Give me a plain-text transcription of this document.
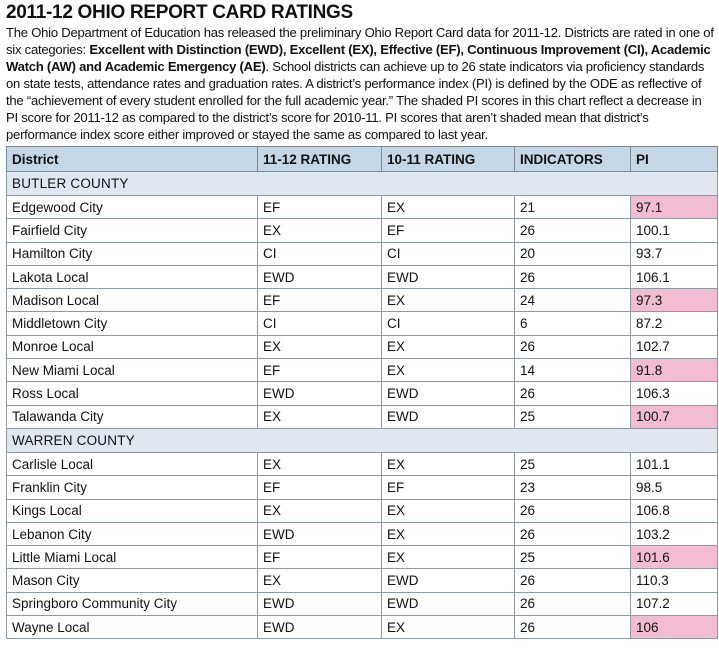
2011-12 OHIO REPORT CARD RATINGS

The Ohio Department of Education has released the preliminary Ohio Report Card data for 2011-12. Districts are rated in one of six categories: Excellent with Distinction (EWD), Excellent (EX), Effective (EF), Continuous Improvement (CI), Academic Watch (AW) and Academic Emergency (AE). School districts can achieve up to 26 state indicators via proficiency standards on state tests, attendance rates and graduation rates. A district’s performance index (PI) is defined by the ODE as reflective of the “achievement of every student enrolled for the full academic year.” The shaded PI scores in this chart reflect a decrease in PI score for 2011-12 as compared to the district’s score for 2010-11. PI scores that aren’t shaded mean that district’s performance index score either improved or stayed the same as compared to last year.

District	11-12 RATING	10-11 RATING	INDICATORS	PI
BUTLER COUNTY				
Edgewood City	EF	EX	21	97.1
Fairfield City	EX	EF	26	100.1
Hamilton City	CI	CI	20	93.7
Lakota Local	EWD	EWD	26	106.1
Madison Local	EF	EX	24	97.3
Middletown City	CI	CI	6	87.2
Monroe Local	EX	EX	26	102.7
New Miami Local	EF	EX	14	91.8
Ross Local	EWD	EWD	26	106.3
Talawanda City	EX	EWD	25	100.7
WARREN COUNTY				
Carlisle Local	EX	EX	25	101.1
Franklin City	EF	EF	23	98.5
Kings Local	EX	EX	26	106.8
Lebanon City	EWD	EX	26	103.2
Little Miami Local	EF	EX	25	101.6
Mason City	EX	EWD	26	110.3
Springboro Community City	EWD	EWD	26	107.2
Wayne Local	EWD	EX	26	106
